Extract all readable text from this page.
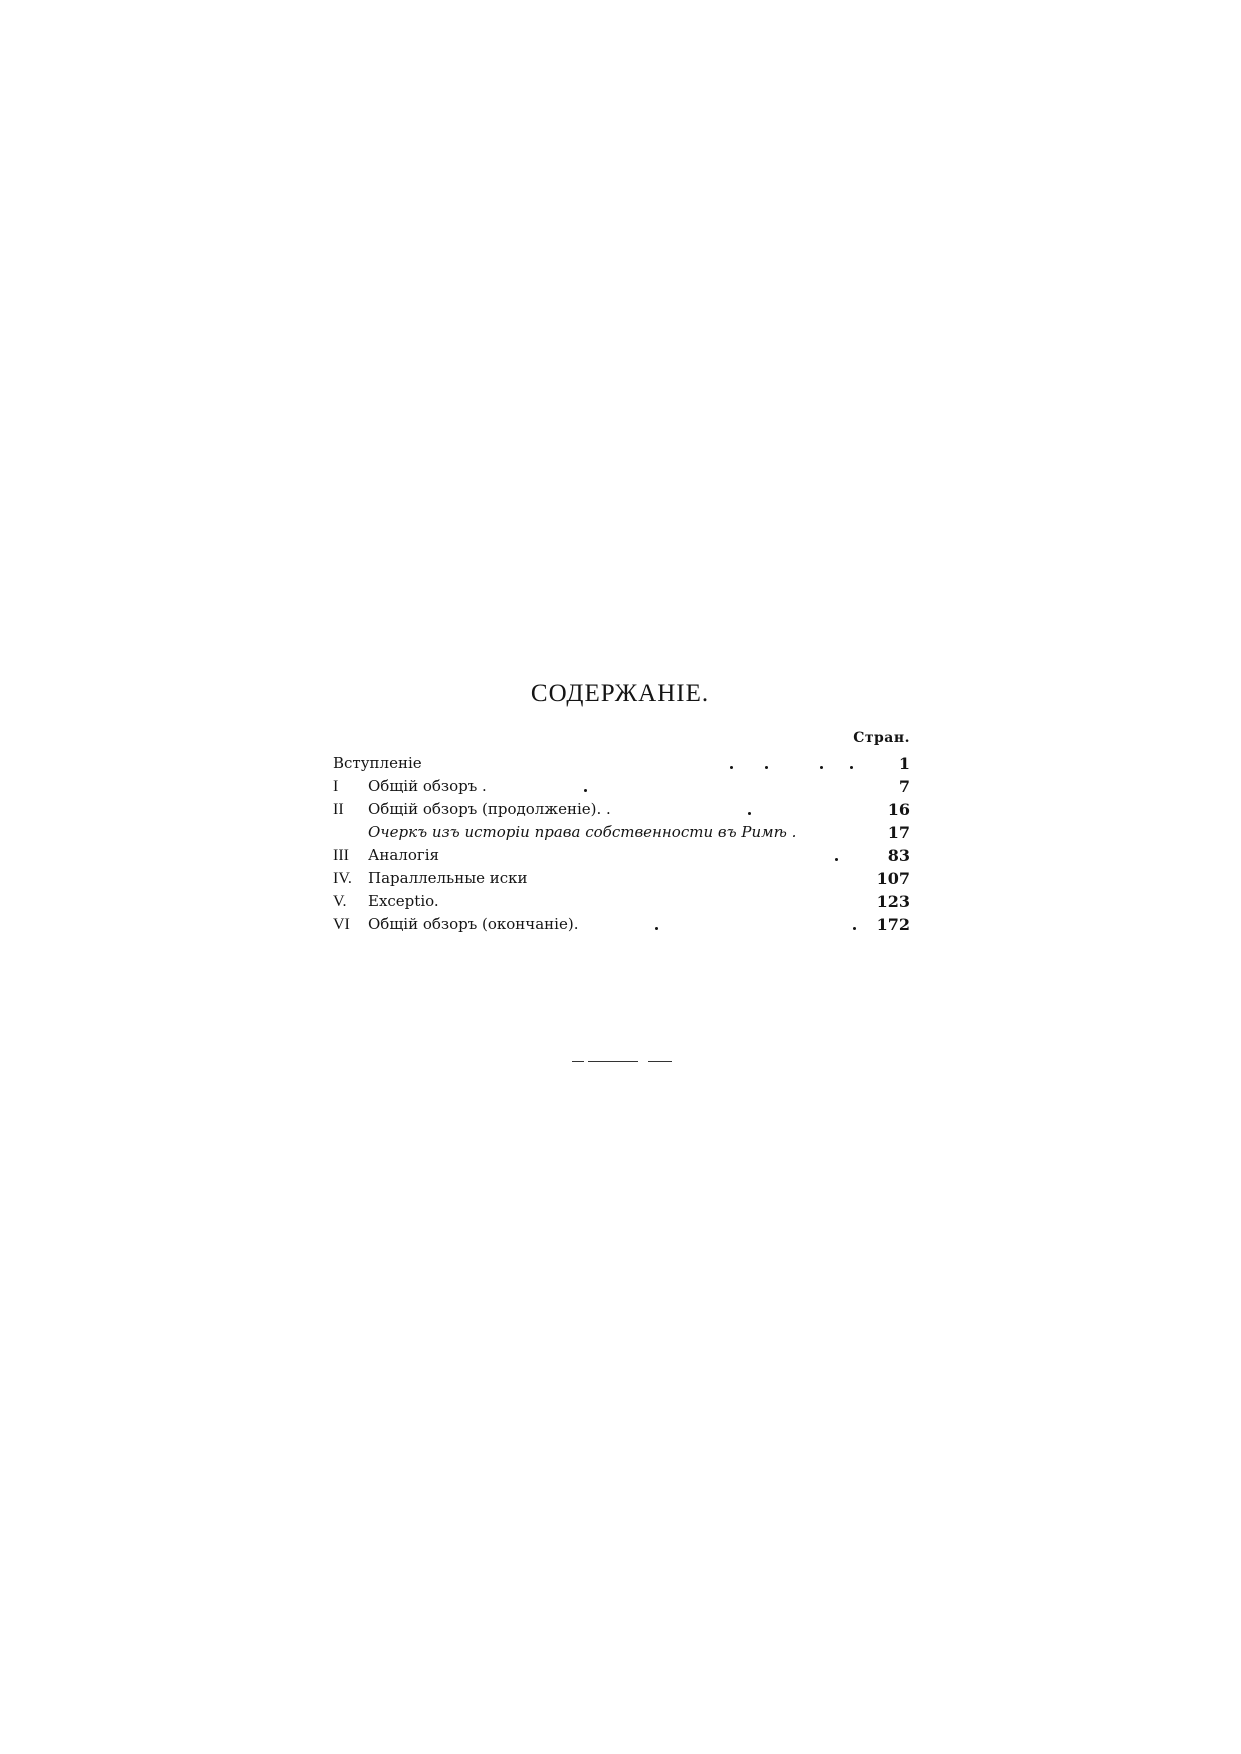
СОДЕРЖАНІЕ.
Стран.
Вступленіе	1
I	Общій обзоръ .	7
II	Общій обзоръ (продолженіе). .	16
Очеркъ изъ исторіи права собственности въ Римѣ .	17
III	Аналогія	83
IV.	Параллельные иски	107
V.	Exceptio.	123
VI	Общій обзоръ (окончаніе).	172
